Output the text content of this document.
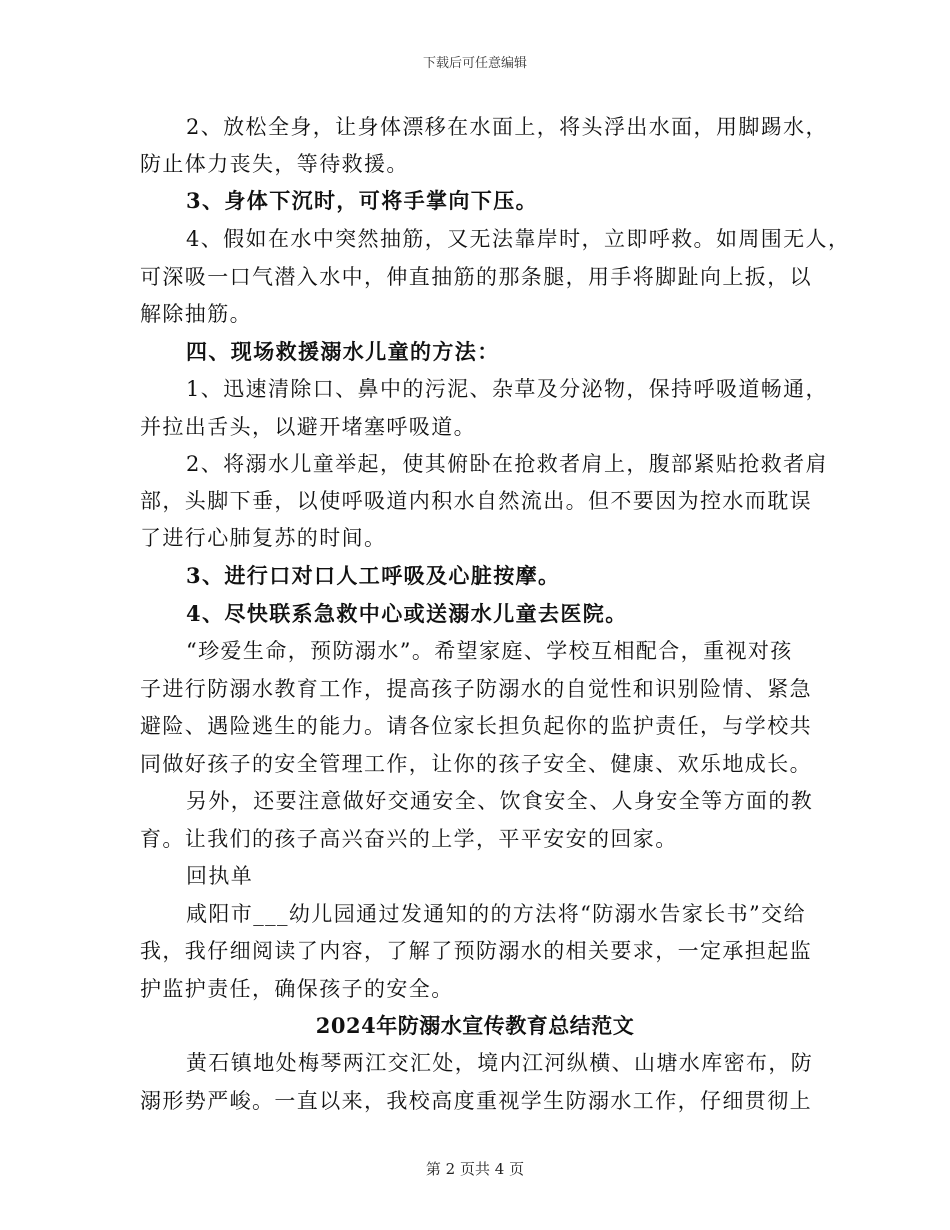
下载后可任意编辑
2、放松全身，让身体漂移在水面上，将头浮出水面，用脚踢水，
防止体力丧失，等待救援。
3、身体下沉时，可将手掌向下压。
4、假如在水中突然抽筋，又无法靠岸时，立即呼救。如周围无人，
可深吸一口气潜入水中，伸直抽筋的那条腿，用手将脚趾向上扳，以
解除抽筋。
四、现场救援溺水儿童的方法：
1、迅速清除口、鼻中的污泥、杂草及分泌物，保持呼吸道畅通，
并拉出舌头，以避开堵塞呼吸道。
2、将溺水儿童举起，使其俯卧在抢救者肩上，腹部紧贴抢救者肩
部，头脚下垂，以使呼吸道内积水自然流出。但不要因为控水而耽误
了进行心肺复苏的时间。
3、进行口对口人工呼吸及心脏按摩。
4、尽快联系急救中心或送溺水儿童去医院。
“珍爱生命，预防溺水”。希望家庭、学校互相配合，重视对孩
子进行防溺水教育工作，提高孩子防溺水的自觉性和识别险情、紧急
避险、遇险逃生的能力。请各位家长担负起你的监护责任，与学校共
同做好孩子的安全管理工作，让你的孩子安全、健康、欢乐地成长。
另外，还要注意做好交通安全、饮食安全、人身安全等方面的教
育。让我们的孩子高兴奋兴的上学，平平安安的回家。
回执单
咸阳市___幼儿园通过发通知的的方法将“防溺水告家长书”交给
我，我仔细阅读了内容，了解了预防溺水的相关要求，一定承担起监
护监护责任，确保孩子的安全。
2024年防溺水宣传教育总结范文
黄石镇地处梅琴两江交汇处，境内江河纵横、山塘水库密布，防
溺形势严峻。一直以来，我校高度重视学生防溺水工作，仔细贯彻上
第 2 页共 4 页
